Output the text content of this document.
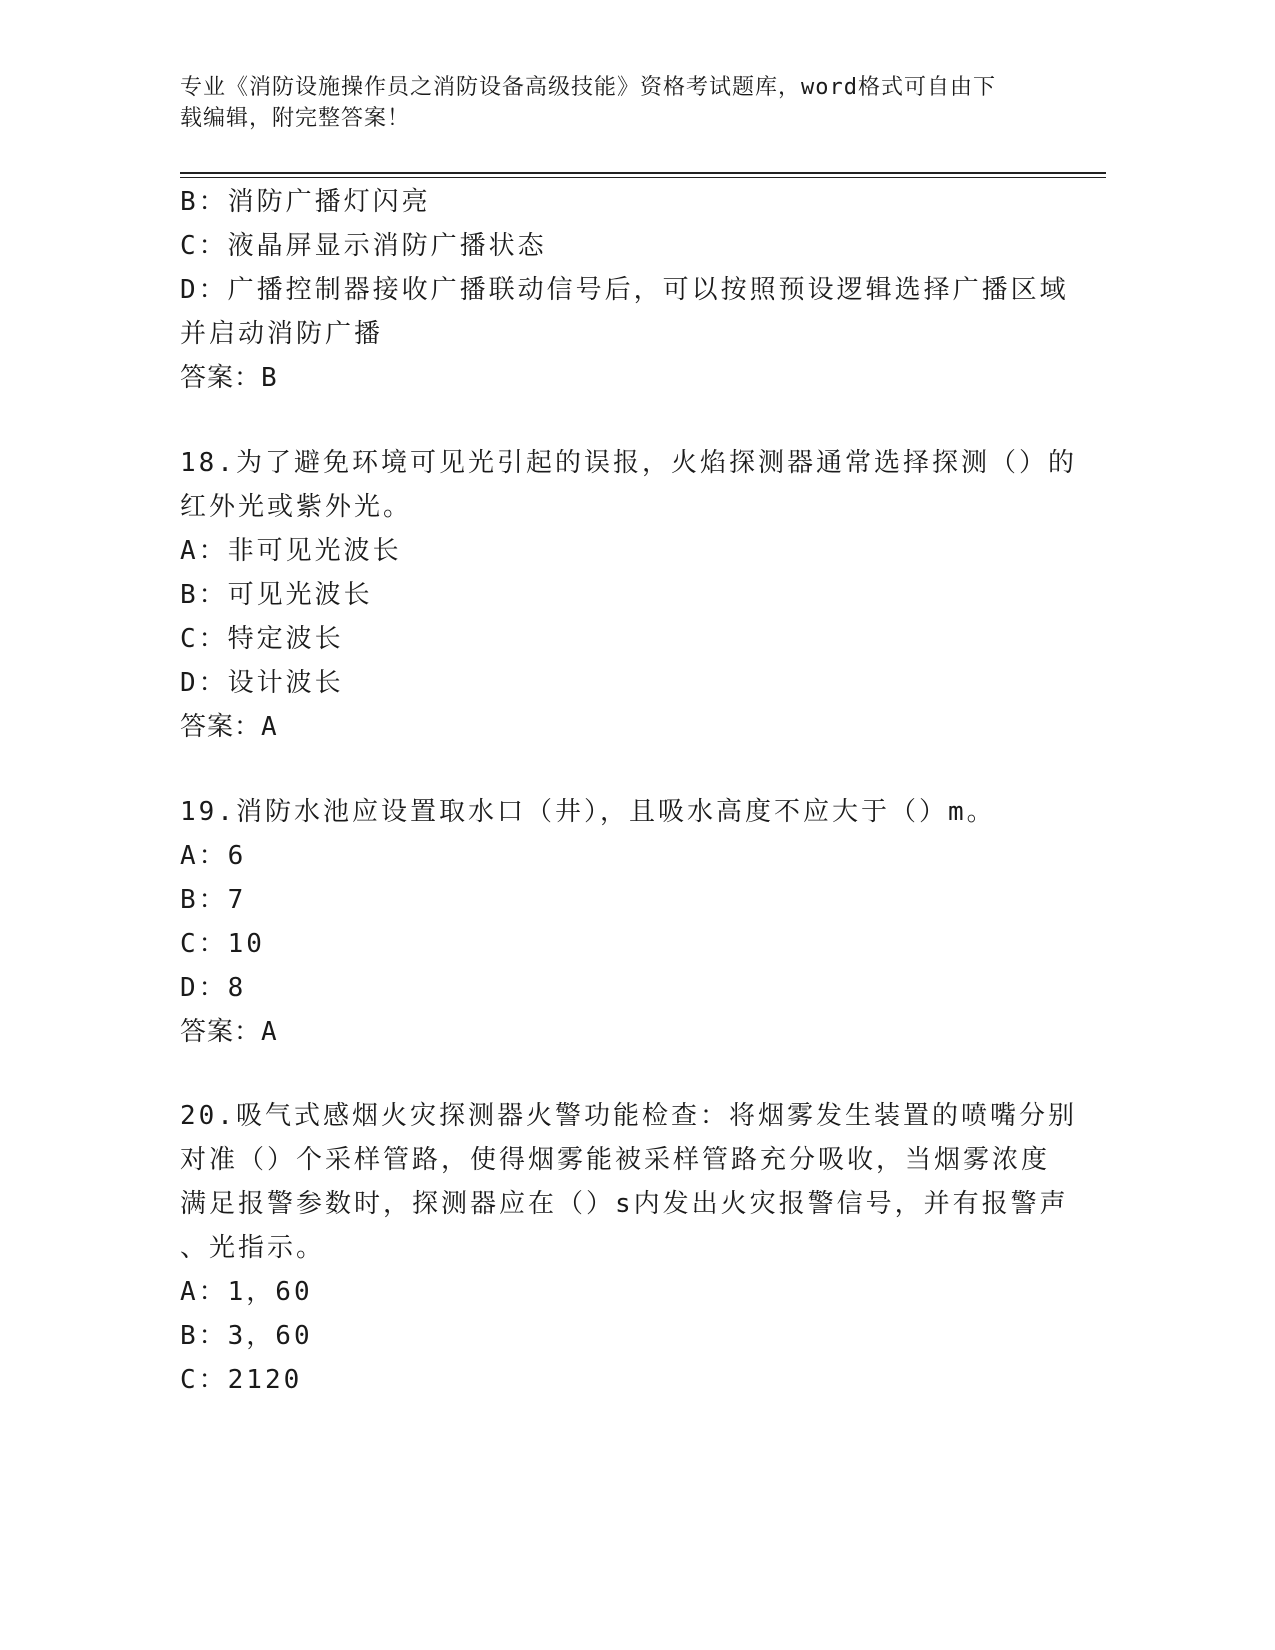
专业《消防设施操作员之消防设备高级技能》资格考试题库，word格式可自由下
载编辑，附完整答案！
B：消防广播灯闪亮
C：液晶屏显示消防广播状态
D：广播控制器接收广播联动信号后，可以按照预设逻辑选择广播区域
并启动消防广播
答案：B
18.为了避免环境可见光引起的误报，火焰探测器通常选择探测（）的
红外光或紫外光。
A：非可见光波长
B：可见光波长
C：特定波长
D：设计波长
答案：A
19.消防水池应设置取水口（井），且吸水高度不应大于（）m。
A：6
B：7
C：10
D：8
答案：A
20.吸气式感烟火灾探测器火警功能检查：将烟雾发生装置的喷嘴分别
对准（）个采样管路，使得烟雾能被采样管路充分吸收，当烟雾浓度
满足报警参数时，探测器应在（）s内发出火灾报警信号，并有报警声
、光指示。
A：1，60
B：3，60
C：2120
